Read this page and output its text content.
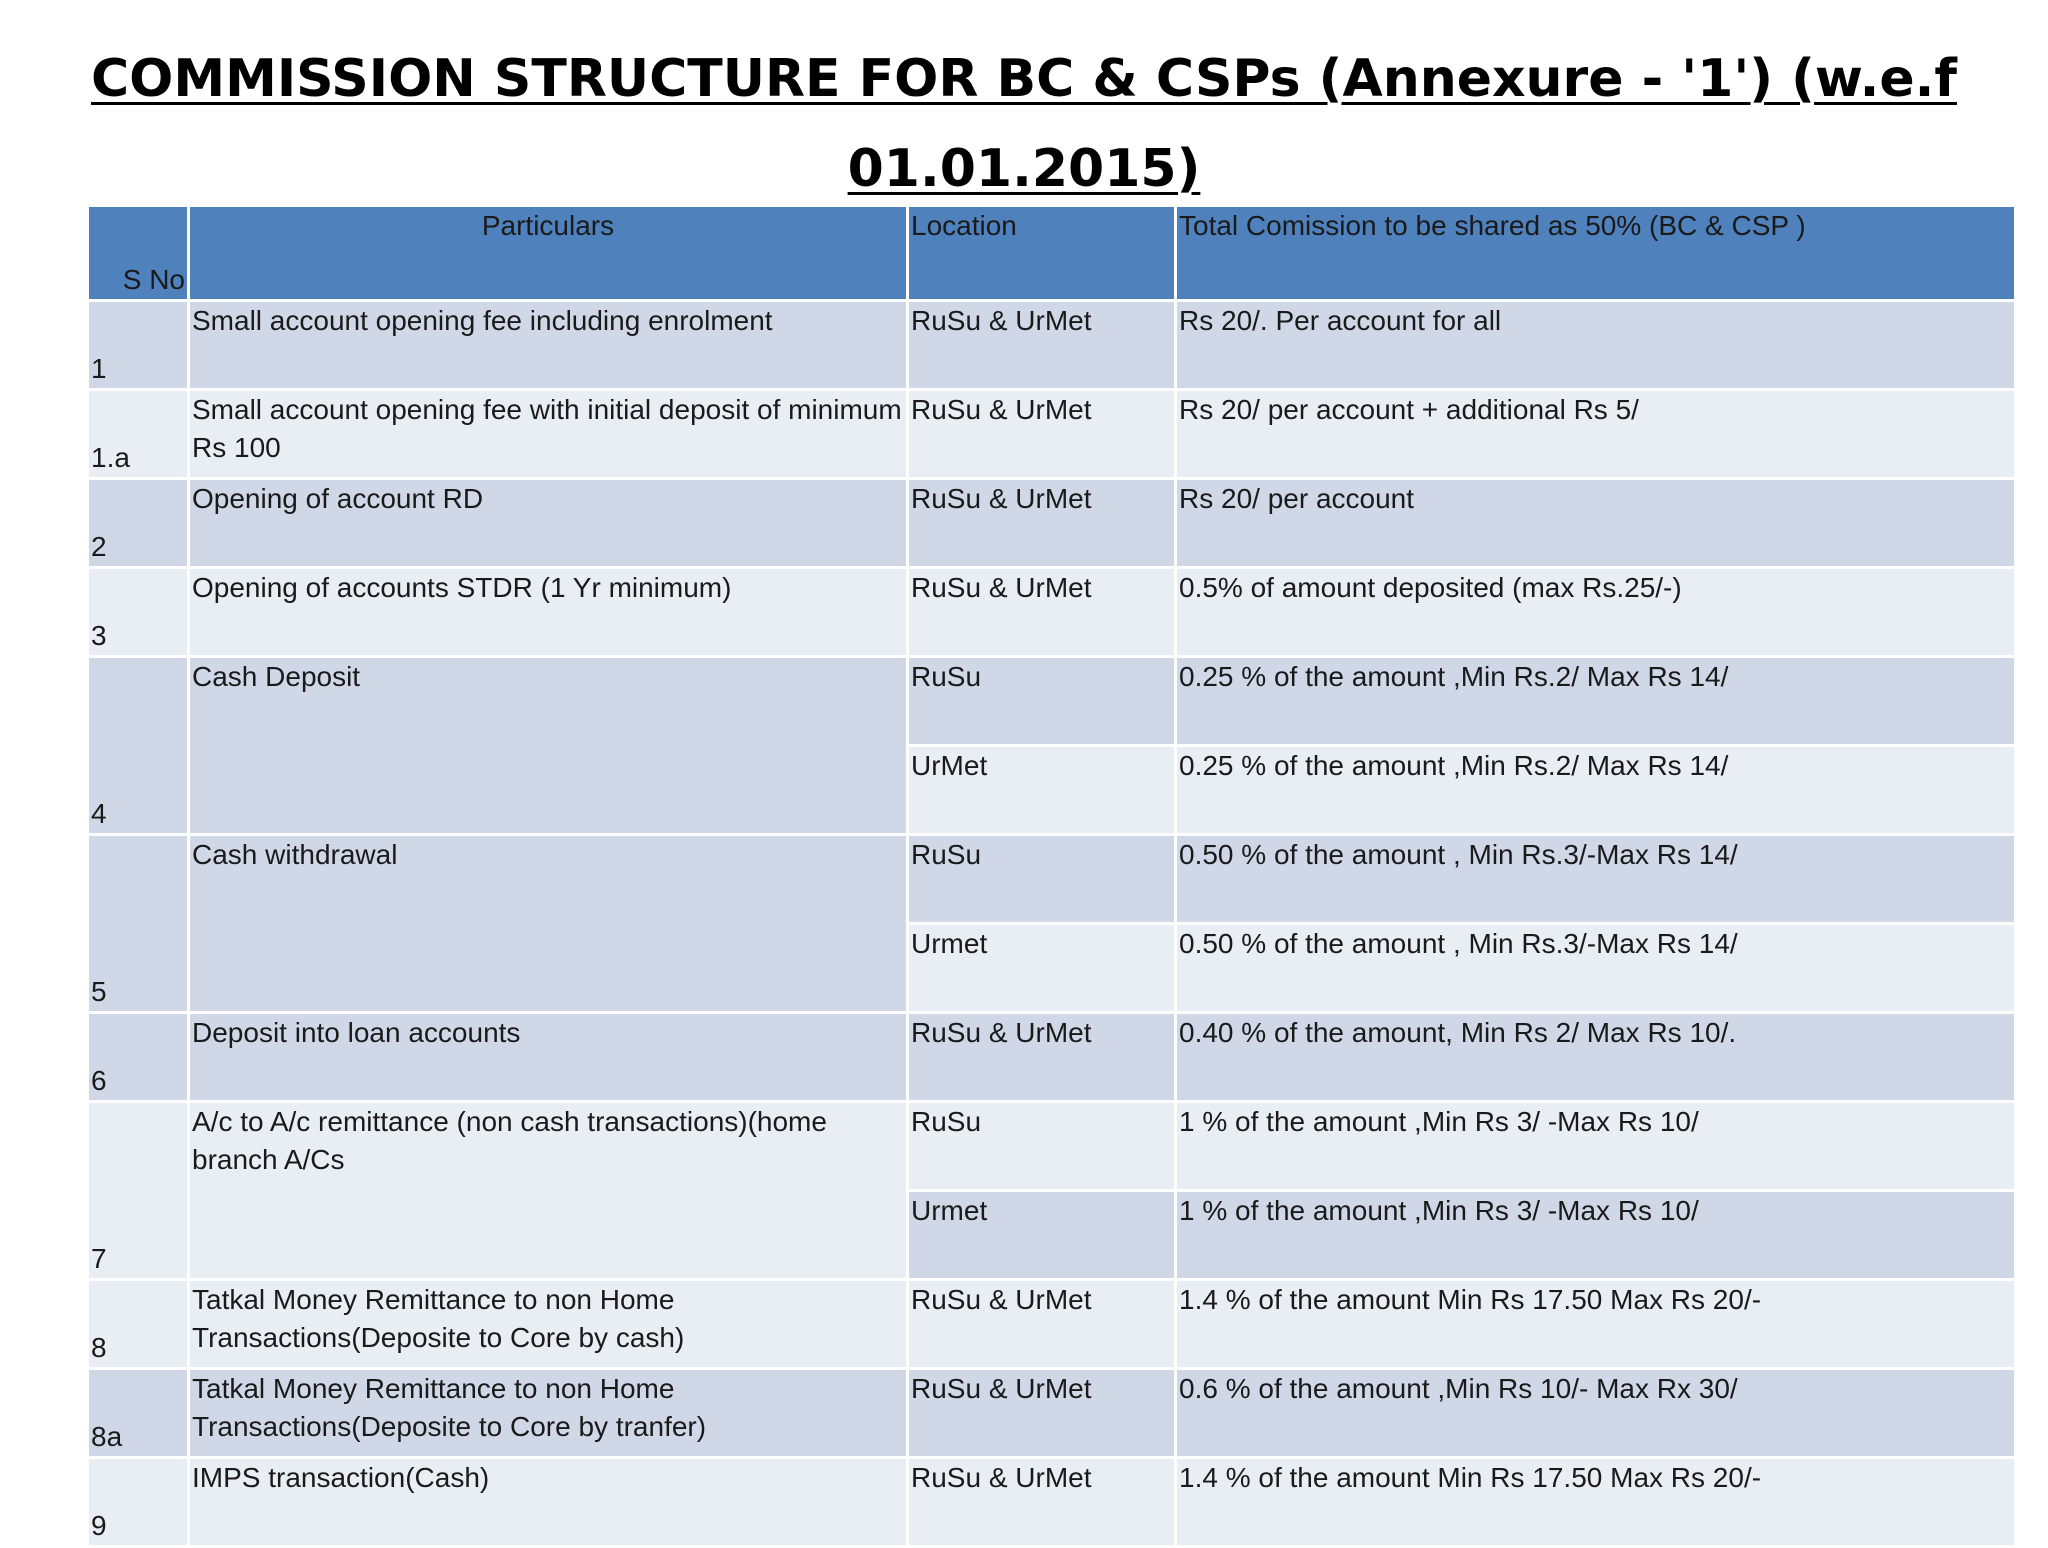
COMMISSION STRUCTURE FOR BC & CSPs (Annexure - '1') (w.e.f
01.01.2015)
S No	Particulars	Location	Total Comission to be shared as 50% (BC & CSP )
1	Small account opening fee including enrolment	RuSu & UrMet	Rs 20/. Per account for all
1.a	Small account opening fee with initial deposit of minimum Rs 100	RuSu & UrMet	Rs 20/ per account + additional Rs 5/
2	Opening of account RD	RuSu & UrMet	Rs 20/ per account
3	Opening of accounts STDR (1 Yr minimum)	RuSu & UrMet	0.5% of amount deposited (max Rs.25/-)
4	Cash Deposit	RuSu	0.25 % of the amount ,Min Rs.2/ Max Rs 14/
		UrMet	0.25 % of the amount ,Min Rs.2/ Max Rs 14/
5	Cash withdrawal	RuSu	0.50 % of the amount , Min Rs.3/-Max Rs 14/
		Urmet	0.50 % of the amount , Min Rs.3/-Max Rs 14/
6	Deposit into loan accounts	RuSu & UrMet	0.40 % of the amount, Min Rs 2/ Max Rs 10/.
7	A/c to A/c remittance (non cash transactions)(home branch A/Cs	RuSu	1 % of the amount ,Min Rs 3/ -Max Rs 10/
		Urmet	1 % of the amount ,Min Rs 3/ -Max Rs 10/
8	Tatkal Money Remittance to non Home Transactions(Deposite to Core by cash)	RuSu & UrMet	1.4 % of the amount Min Rs 17.50 Max Rs 20/-
8a	Tatkal Money Remittance to non Home Transactions(Deposite to Core by tranfer)	RuSu & UrMet	0.6 % of the amount ,Min Rs 10/- Max Rx 30/
9	IMPS transaction(Cash)	RuSu & UrMet	1.4 % of the amount Min Rs 17.50 Max Rs 20/-
